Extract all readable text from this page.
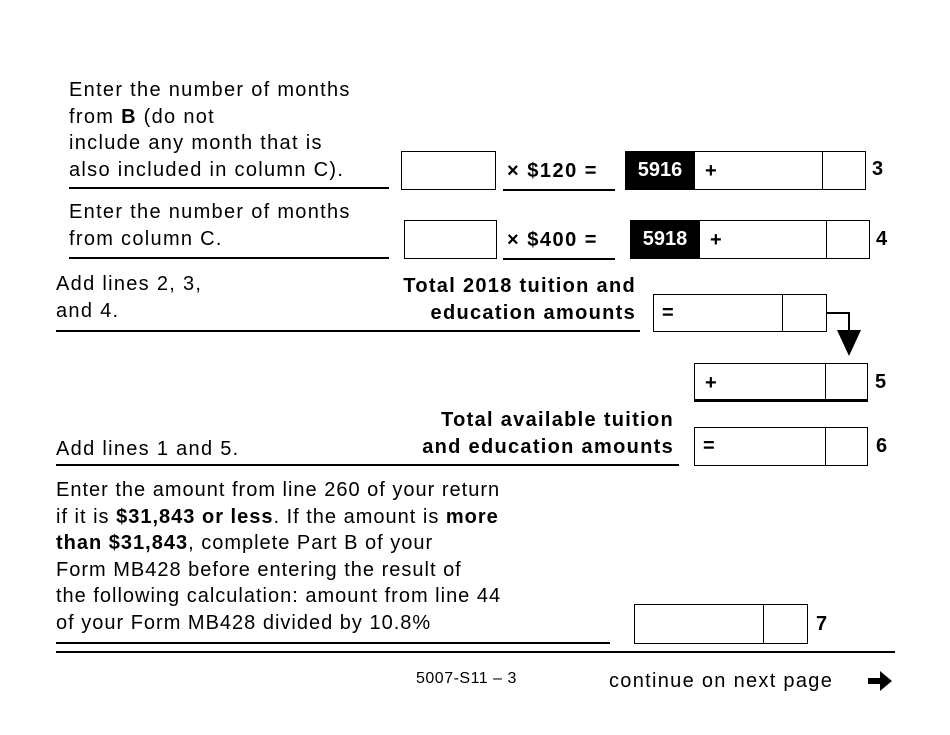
Enter the number of months
from B (do not
include any month that is
also included in column C).	× $120 =	5916	+	3
Enter the number of months
from column C.	× $400 =	5918	+	4
Add lines 2, 3,
and 4.
Total 2018 tuition and
education amounts =
+	5
Total available tuition
and education amounts
Add lines 1 and 5.	=	6
Enter the amount from line 260 of your return
if it is $31,843 or less. If the amount is more
than $31,843, complete Part B of your
Form MB428 before entering the result of
the following calculation: amount from line 44
of your Form MB428 divided by 10.8%	7
5007-S11 – 3	continue on next page
